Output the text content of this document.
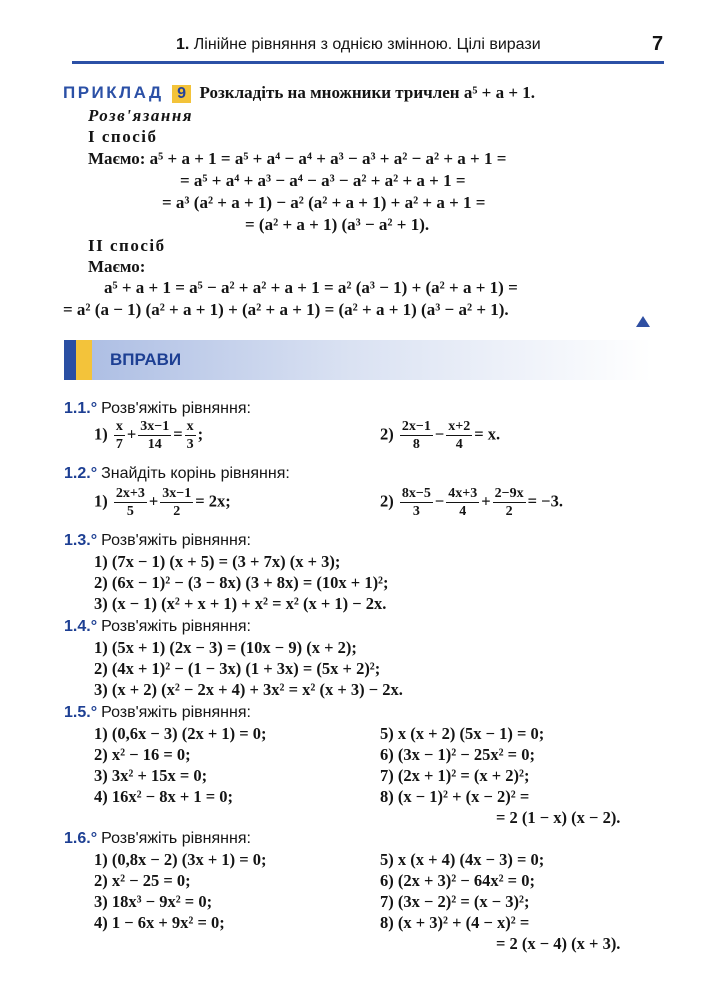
1. Лінійне рівняння з однією змінною. Цілі вирази	7
ПРИКЛАД 9 Розкладіть на множники тричлен a⁵ + a + 1.
Розв'язання
І спосіб
Маємо: a⁵ + a + 1 = a⁵ + a⁴ − a⁴ + a³ − a³ + a² − a² + a + 1 =
= a⁵ + a⁴ + a³ − a⁴ − a³ − a² + a² + a + 1 =
= a³ (a² + a + 1) − a² (a² + a + 1) + a² + a + 1 =
= (a² + a + 1) (a³ − a² + 1).
ІІ спосіб
Маємо:
a⁵ + a + 1 = a⁵ − a² + a² + a + 1 = a² (a³ − 1) + (a² + a + 1) =
= a² (a − 1) (a² + a + 1) + (a² + a + 1) = (a² + a + 1) (a³ − a² + 1).
ВПРАВИ
1.1.° Розв'яжіть рівняння:
$1) \frac{x}{7} + \frac{3x-1}{14} = \frac{x}{3}$ ;	$2) \frac{2x-1}{8} - \frac{x+2}{4} = x$.
1.2.° Знайдіть корінь рівняння:
$1) \frac{2x+3}{5} + \frac{3x-1}{2} = 2x$;	$2) \frac{8x-5}{3} - \frac{4x+3}{4} + \frac{2-9x}{2} = -3$.
1.3.° Розв'яжіть рівняння:
1) (7x − 1) (x + 5) = (3 + 7x) (x + 3);
2) (6x − 1)² − (3 − 8x) (3 + 8x) = (10x + 1)²;
3) (x − 1) (x² + x + 1) + x² = x² (x + 1) − 2x.
1.4.° Розв'яжіть рівняння:
1) (5x + 1) (2x − 3) = (10x − 9) (x + 2);
2) (4x + 1)² − (1 − 3x) (1 + 3x) = (5x + 2)²;
3) (x + 2) (x² − 2x + 4) + 3x² = x² (x + 3) − 2x.
1.5.° Розв'яжіть рівняння:
1) (0,6x − 3) (2x + 1) = 0;
2) x² − 16 = 0;
3) 3x² + 15x = 0;
4) 16x² − 8x + 1 = 0;
5) x (x + 2) (5x − 1) = 0;
6) (3x − 1)² − 25x² = 0;
7) (2x + 1)² = (x + 2)²;
8) (x − 1)² + (x − 2)² =
= 2 (1 − x) (x − 2).
1.6.° Розв'яжіть рівняння:
1) (0,8x − 2) (3x + 1) = 0;
2) x² − 25 = 0;
3) 18x³ − 9x² = 0;
4) 1 − 6x + 9x² = 0;
5) x (x + 4) (4x − 3) = 0;
6) (2x + 3)² − 64x² = 0;
7) (3x − 2)² = (x − 3)²;
8) (x + 3)² + (4 − x)² =
= 2 (x − 4) (x + 3).
